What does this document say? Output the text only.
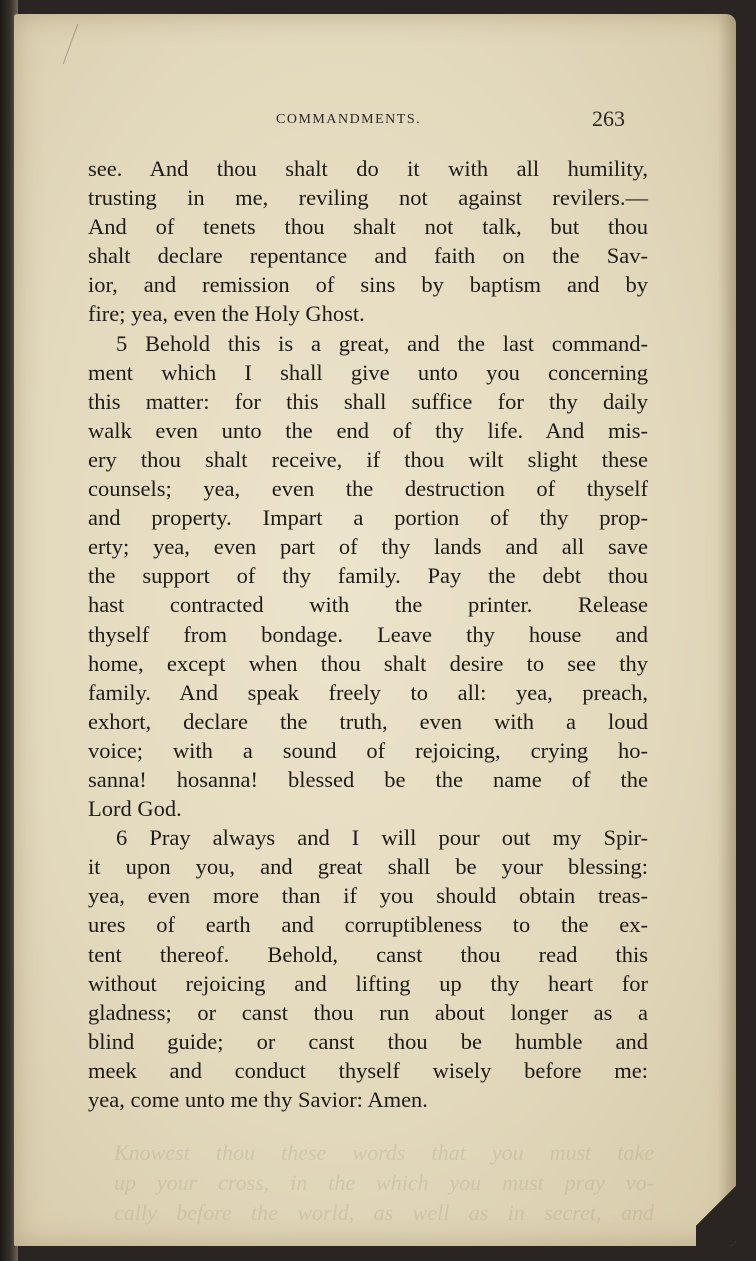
COMMANDMENTS.	263
see. And thou shalt do it with all humility,
trusting in me, reviling not against revilers.—
And of tenets thou shalt not talk, but thou
shalt declare repentance and faith on the Sav-
ior, and remission of sins by baptism and by
fire; yea, even the Holy Ghost.
5 Behold this is a great, and the last command-
ment which I shall give unto you concerning
this matter: for this shall suffice for thy daily
walk even unto the end of thy life. And mis-
ery thou shalt receive, if thou wilt slight these
counsels; yea, even the destruction of thyself
and property. Impart a portion of thy prop-
erty; yea, even part of thy lands and all save
the support of thy family. Pay the debt thou
hast contracted with the printer. Release
thyself from bondage. Leave thy house and
home, except when thou shalt desire to see thy
family. And speak freely to all: yea, preach,
exhort, declare the truth, even with a loud
voice; with a sound of rejoicing, crying ho-
sanna! hosanna! blessed be the name of the
Lord God.
6 Pray always and I will pour out my Spir-
it upon you, and great shall be your blessing:
yea, even more than if you should obtain treas-
ures of earth and corruptibleness to the ex-
tent thereof. Behold, canst thou read this
without rejoicing and lifting up thy heart for
gladness; or canst thou run about longer as a
blind guide; or canst thou be humble and
meek and conduct thyself wisely before me:
yea, come unto me thy Savior: Amen.
Knowest thou these words that you must take
up your cross, in the which you must pray vo-
cally before the world, as well as in secret, and
